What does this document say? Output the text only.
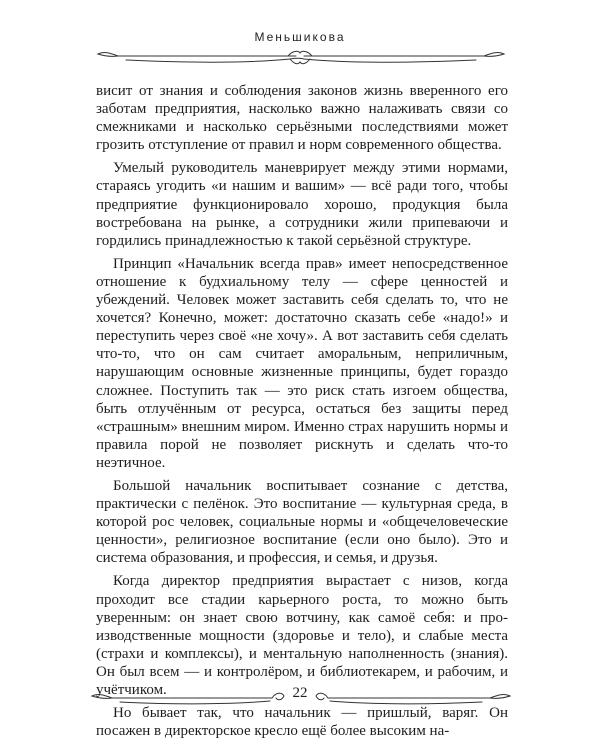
Меньшикова

висит от знания и соблюдения законов жизнь вверенного его заботам предприятия, насколько важно налаживать связи со смежниками и насколько серьёзными последствиями может грозить отступление от правил и норм современного общества.

Умелый руководитель маневрирует между этими нормами, стараясь угодить «и нашим и вашим» — всё ради того, чтобы предприятие функционировало хорошо, продукция была востребована на рынке, а сотрудники жили припеваючи и гордились принадлежностью к такой серьёзной структуре.

Принцип «Начальник всегда прав» имеет непосредственное отношение к будхиальному телу — сфере ценностей и убеждений. Человек может заставить себя сделать то, что не хочется? Конечно, может: достаточно сказать себе «надо!» и переступить через своё «не хочу». А вот заставить себя сделать что-то, что он сам считает аморальным, неприличным, нарушающим основные жизненные принципы, будет гораздо сложнее. Поступить так — это риск стать изгоем общества, быть отлучённым от ресурса, остаться без защиты перед «страшным» внешним миром. Именно страх нарушить нормы и правила порой не позволяет рискнуть и сделать что-то неэтичное.

Большой начальник воспитывает сознание с детства, практически с пелёнок. Это воспитание — культурная среда, в которой рос человек, социальные нормы и «общечеловеческие ценности», религиозное воспитание (если оно было). Это и система образования, и профессия, и семья, и друзья.

Когда директор предприятия вырастает с низов, когда проходит все стадии карьерного роста, то можно быть уверенным: он знает свою вотчину, как самоё себя: и производственные мощности (здоровье и тело), и слабые места (страхи и комплексы), и ментальную наполненность (знания). Он был всем — и контролёром, и библиотекарем, и рабочим, и учётчиком.

Но бывает так, что начальник — пришлый, варяг. Он посажен в директорское кресло ещё более высоким на-

22
